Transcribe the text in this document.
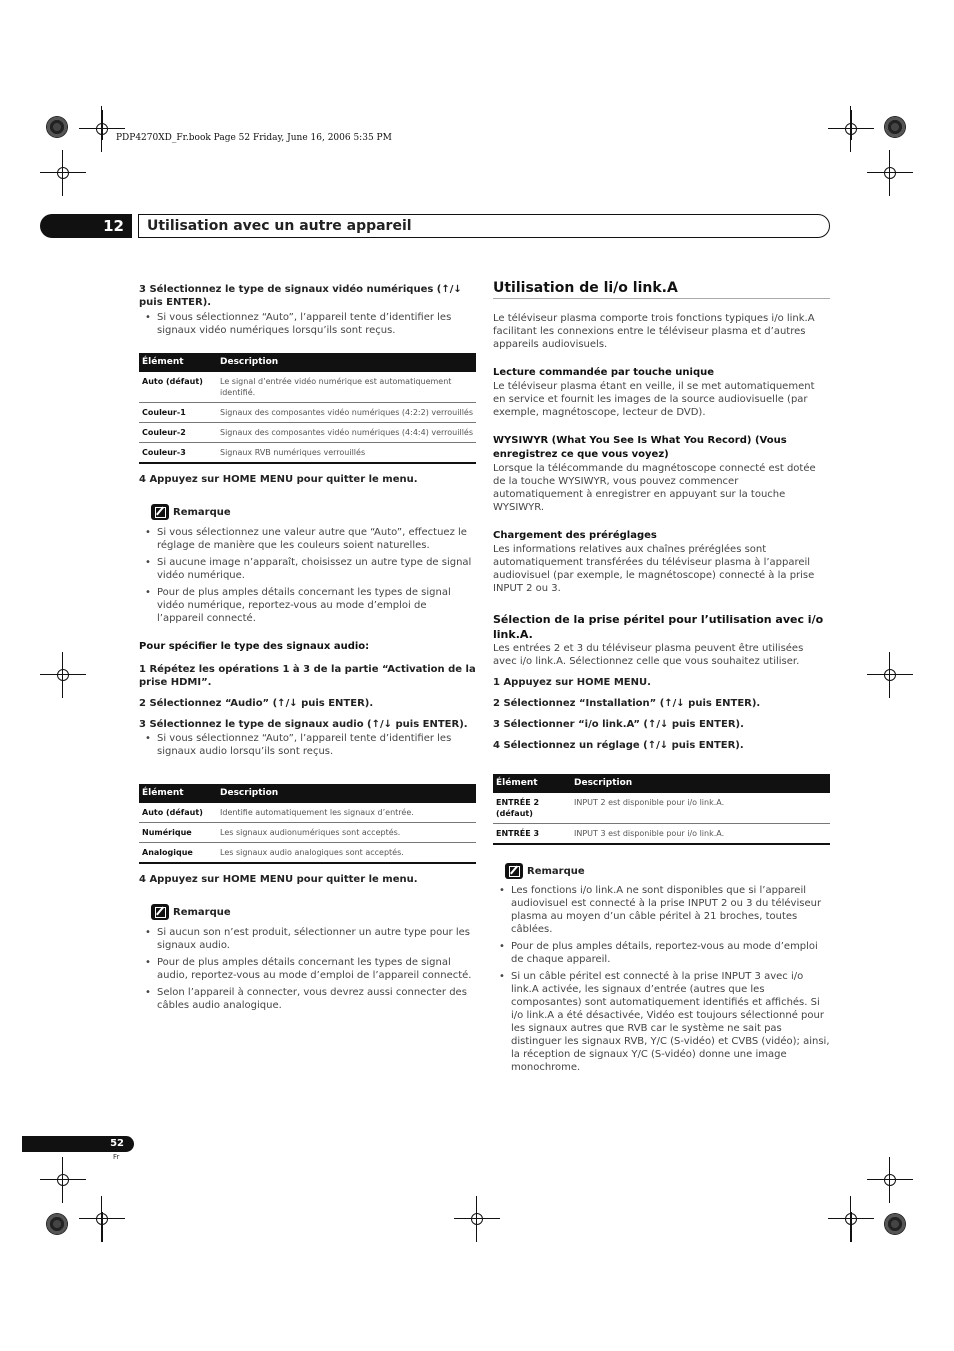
PDP4270XD_Fr.book Page 52 Friday, June 16, 2006 5:35 PM
12	Utilisation avec un autre appareil
3 Sélectionnez le type de signaux vidéo numériques (↑/↓ puis ENTER).
• Si vous sélectionnez “Auto”, l’appareil tente d’identifier les signaux vidéo numériques lorsqu’ils sont reçus.
Élément	Description
Auto (défaut)	Le signal d’entrée vidéo numérique est automatiquement identifié.
Couleur-1	Signaux des composantes vidéo numériques (4:2:2) verrouillés
Couleur-2	Signaux des composantes vidéo numériques (4:4:4) verrouillés
Couleur-3	Signaux RVB numériques verrouillés
4 Appuyez sur HOME MENU pour quitter le menu.
Remarque
• Si vous sélectionnez une valeur autre que “Auto”, effectuez le réglage de manière que les couleurs soient naturelles.
• Si aucune image n’apparaît, choisissez un autre type de signal vidéo numérique.
• Pour de plus amples détails concernant les types de signal vidéo numérique, reportez-vous au mode d’emploi de l’appareil connecté.
Pour spécifier le type des signaux audio:
1 Répétez les opérations 1 à 3 de la partie “Activation de la prise HDMI”.
2 Sélectionnez “Audio” (↑/↓ puis ENTER).
3 Sélectionnez le type de signaux audio (↑/↓ puis ENTER).
• Si vous sélectionnez “Auto”, l’appareil tente d’identifier les signaux audio lorsqu’ils sont reçus.
Élément	Description
Auto (défaut)	Identifie automatiquement les signaux d’entrée.
Numérique	Les signaux audionumériques sont acceptés.
Analogique	Les signaux audio analogiques sont acceptés.
4 Appuyez sur HOME MENU pour quitter le menu.
Remarque
• Si aucun son n’est produit, sélectionner un autre type pour les signaux audio.
• Pour de plus amples détails concernant les types de signal audio, reportez-vous au mode d’emploi de l’appareil connecté.
• Selon l’appareil à connecter, vous devrez aussi connecter des câbles audio analogique.
Utilisation de li/o link.A
Le téléviseur plasma comporte trois fonctions typiques i/o link.A facilitant les connexions entre le téléviseur plasma et d’autres appareils audiovisuels.
Lecture commandée par touche unique
Le téléviseur plasma étant en veille, il se met automatiquement en service et fournit les images de la source audiovisuelle (par exemple, magnétoscope, lecteur de DVD).
WYSIWYR (What You See Is What You Record) (Vous enregistrez ce que vous voyez)
Lorsque la télécommande du magnétoscope connecté est dotée de la touche WYSIWYR, vous pouvez commencer automatiquement à enregistrer en appuyant sur la touche WYSIWYR.
Chargement des préréglages
Les informations relatives aux chaînes préréglées sont automatiquement transférées du téléviseur plasma à l’appareil audiovisuel (par exemple, le magnétoscope) connecté à la prise INPUT 2 ou 3.
Sélection de la prise péritel pour l’utilisation avec i/o link.A.
Les entrées 2 et 3 du téléviseur plasma peuvent être utilisées avec i/o link.A. Sélectionnez celle que vous souhaitez utiliser.
1 Appuyez sur HOME MENU.
2 Sélectionnez “Installation” (↑/↓ puis ENTER).
3 Sélectionner “i/o link.A” (↑/↓ puis ENTER).
4 Sélectionnez un réglage (↑/↓ puis ENTER).
Élément	Description
ENTRÉE 2 (défaut)	INPUT 2 est disponible pour i/o link.A.
ENTRÉE 3	INPUT 3 est disponible pour i/o link.A.
Remarque
• Les fonctions i/o link.A ne sont disponibles que si l’appareil audiovisuel est connecté à la prise INPUT 2 ou 3 du téléviseur plasma au moyen d’un câble péritel à 21 broches, toutes câblées.
• Pour de plus amples détails, reportez-vous au mode d’emploi de chaque appareil.
• Si un câble péritel est connecté à la prise INPUT 3 avec i/o link.A activée, les signaux d’entrée (autres que les composantes) sont automatiquement identifiés et affichés. Si i/o link.A a été désactivée, Vidéo est toujours sélectionné pour les signaux autres que RVB car le système ne sait pas distinguer les signaux RVB, Y/C (S-vidéo) et CVBS (vidéo); ainsi, la réception de signaux Y/C (S-vidéo) donne une image monochrome.
52
Fr
